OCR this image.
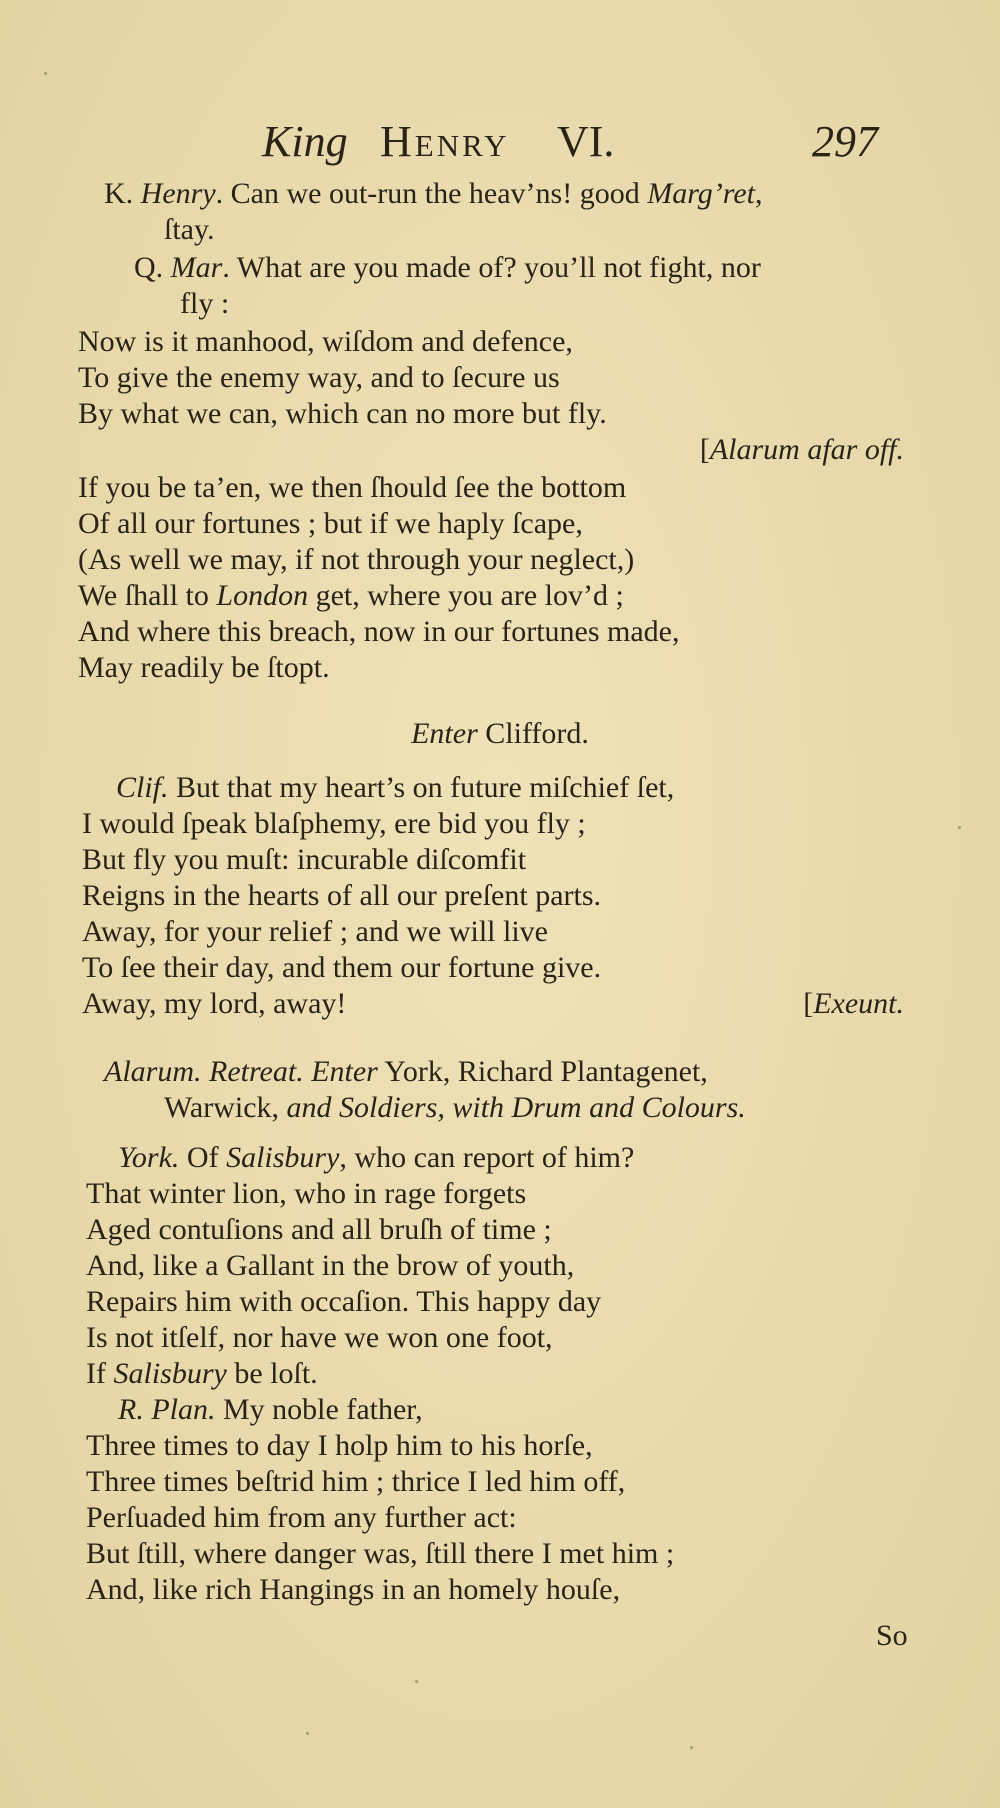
King Henry VI.	297
K. Henry. Can we out-run the heav’ns! good Marg’ret,
ſtay.
Q. Mar. What are you made of? you’ll not fight, nor
fly :
Now is it manhood, wiſdom and defence,
To give the enemy way, and to ſecure us
By what we can, which can no more but fly.
[Alarum afar off.
If you be ta’en, we then ſhould ſee the bottom
Of all our fortunes ; but if we haply ſcape,
(As well we may, if not through your neglect,)
We ſhall to London get, where you are lov’d ;
And where this breach, now in our fortunes made,
May readily be ſtopt.
Enter Clifford.
Clif. But that my heart’s on future miſchief ſet,
I would ſpeak blaſphemy, ere bid you fly ;
But fly you muſt: incurable diſcomfit
Reigns in the hearts of all our preſent parts.
Away, for your relief ; and we will live
To ſee their day, and them our fortune give.
Away, my lord, away!	[Exeunt.
Alarum. Retreat. Enter York, Richard Plantagenet,
Warwick, and Soldiers, with Drum and Colours.
York. Of Salisbury, who can report of him?
That winter lion, who in rage forgets
Aged contuſions and all bruſh of time ;
And, like a Gallant in the brow of youth,
Repairs him with occaſion. This happy day
Is not itſelf, nor have we won one foot,
If Salisbury be loſt.
R. Plan. My noble father,
Three times to day I holp him to his horſe,
Three times beſtrid him ; thrice I led him off,
Perſuaded him from any further act:
But ſtill, where danger was, ſtill there I met him ;
And, like rich Hangings in an homely houſe,
So
